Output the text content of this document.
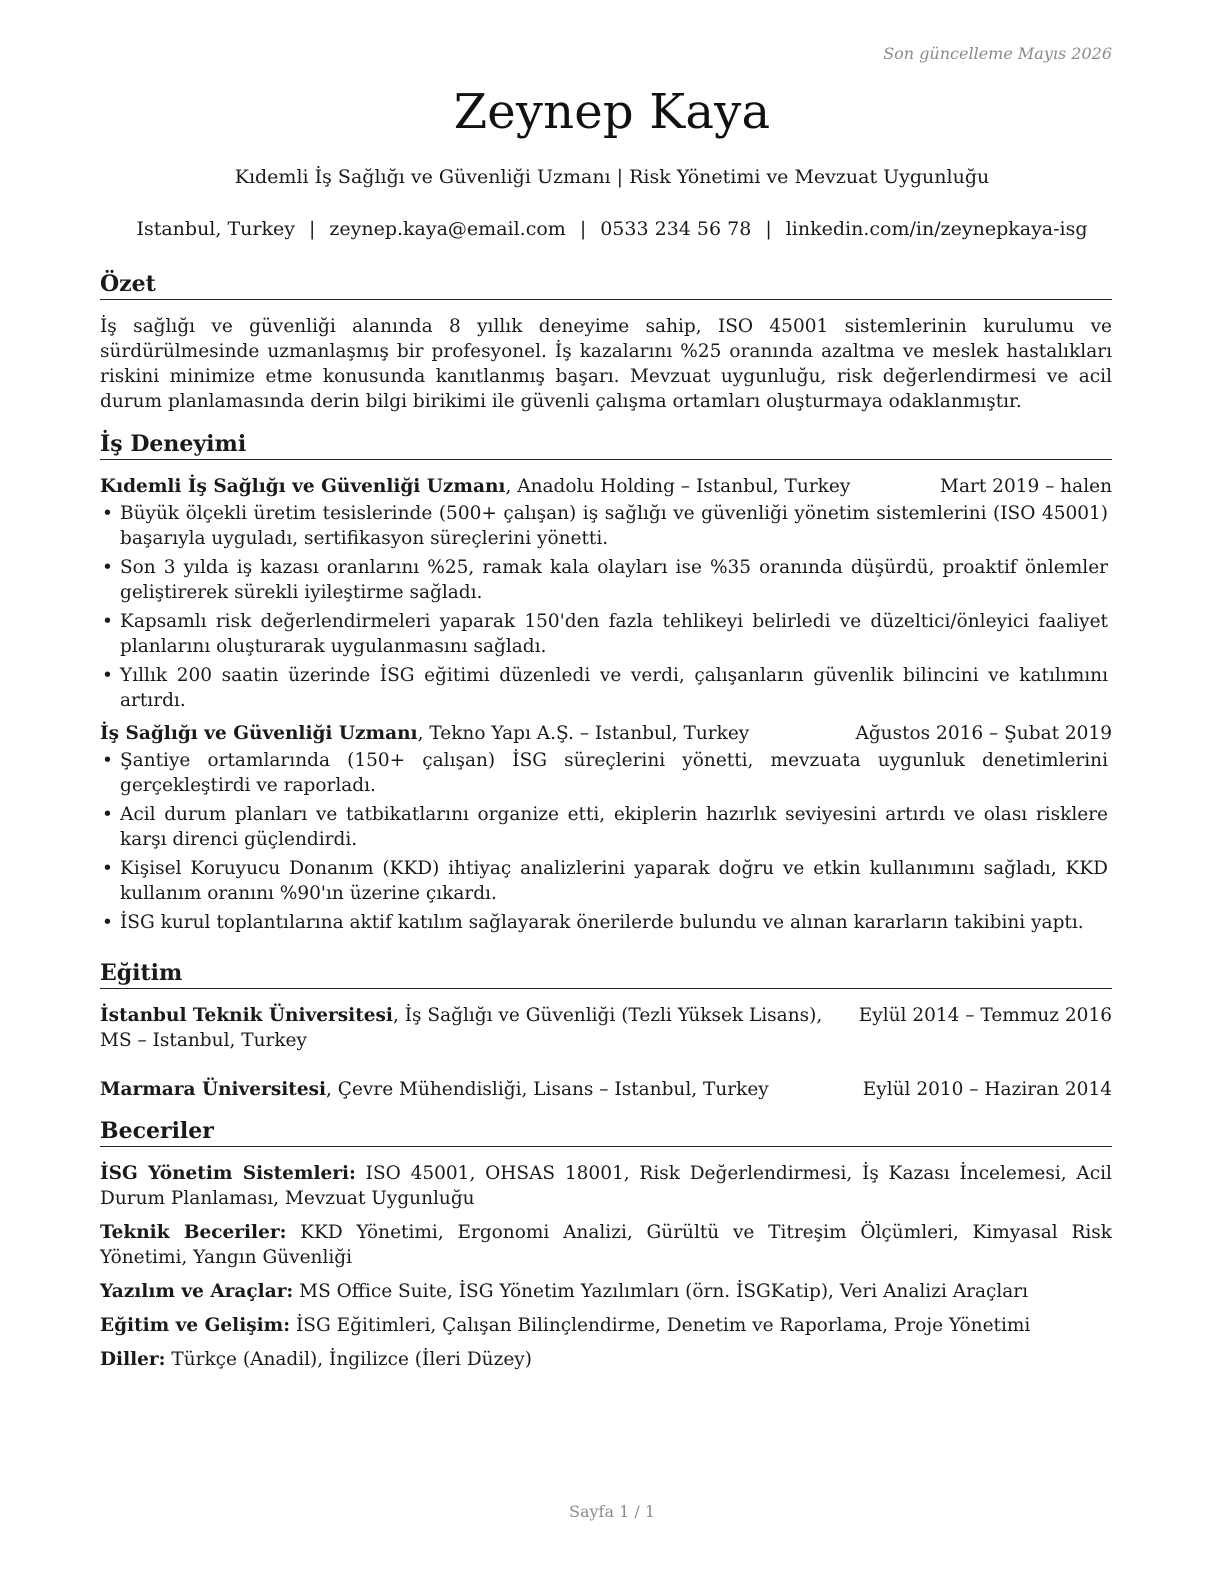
Son güncelleme Mayıs 2026
Zeynep Kaya

Kıdemli İş Sağlığı ve Güvenliği Uzmanı | Risk Yönetimi ve Mevzuat Uygunluğu

Istanbul, Turkey | zeynep.kaya@email.com | 0533 234 56 78 | linkedin.com/in/zeynepkaya-isg

Özet

İş sağlığı ve güvenliği alanında 8 yıllık deneyime sahip, ISO 45001 sistemlerinin kurulumu ve sürdürülmesinde uzmanlaşmış bir profesyonel. İş kazalarını %25 oranında azaltma ve meslek hastalıkları riskini minimize etme konusunda kanıtlanmış başarı. Mevzuat uygunluğu, risk değerlendirmesi ve acil durum planlamasında derin bilgi birikimi ile güvenli çalışma ortamları oluşturmaya odaklanmıştır.

İş Deneyimi
Kıdemli İş Sağlığı ve Güvenliği Uzmanı, Anadolu Holding – Istanbul, Turkey	Mart 2019 – halen
• Büyük ölçekli üretim tesislerinde (500+ çalışan) iş sağlığı ve güvenliği yönetim sistemlerini (ISO 45001) başarıyla uyguladı, sertifikasyon süreçlerini yönetti.
• Son 3 yılda iş kazası oranlarını %25, ramak kala olayları ise %35 oranında düşürdü, proaktif önlemler geliştirerek sürekli iyileştirme sağladı.
• Kapsamlı risk değerlendirmeleri yaparak 150'den fazla tehlikeyi belirledi ve düzeltici/önleyici faaliyet planlarını oluşturarak uygulanmasını sağladı.
• Yıllık 200 saatin üzerinde İSG eğitimi düzenledi ve verdi, çalışanların güvenlik bilincini ve katılımını artırdı.
İş Sağlığı ve Güvenliği Uzmanı, Tekno Yapı A.Ş. – Istanbul, Turkey	Ağustos 2016 – Şubat 2019
• Şantiye ortamlarında (150+ çalışan) İSG süreçlerini yönetti, mevzuata uygunluk denetimlerini gerçekleştirdi ve raporladı.
• Acil durum planları ve tatbikatlarını organize etti, ekiplerin hazırlık seviyesini artırdı ve olası risklere karşı direnci güçlendirdi.
• Kişisel Koruyucu Donanım (KKD) ihtiyaç analizlerini yaparak doğru ve etkin kullanımını sağladı, KKD kullanım oranını %90'ın üzerine çıkardı.
• İSG kurul toplantılarına aktif katılım sağlayarak önerilerde bulundu ve alınan kararların takibini yaptı.
Eğitim
İstanbul Teknik Üniversitesi, İş Sağlığı ve Güvenliği (Tezli Yüksek Lisans), MS – Istanbul, Turkey
Eylül 2014 – Temmuz 2016
Marmara Üniversitesi, Çevre Mühendisliği, Lisans – Istanbul, Turkey	Eylül 2010 – Haziran 2014
Beceriler
İSG Yönetim Sistemleri: ISO 45001, OHSAS 18001, Risk Değerlendirmesi, İş Kazası İncelemesi, Acil Durum Planlaması, Mevzuat Uygunluğu
Teknik Beceriler: KKD Yönetimi, Ergonomi Analizi, Gürültü ve Titreşim Ölçümleri, Kimyasal Risk Yönetimi, Yangın Güvenliği
Yazılım ve Araçlar: MS Office Suite, İSG Yönetim Yazılımları (örn. İSGKatip), Veri Analizi Araçları
Eğitim ve Gelişim: İSG Eğitimleri, Çalışan Bilinçlendirme, Denetim ve Raporlama, Proje Yönetimi
Diller: Türkçe (Anadil), İngilizce (İleri Düzey)
Sayfa 1 / 1
